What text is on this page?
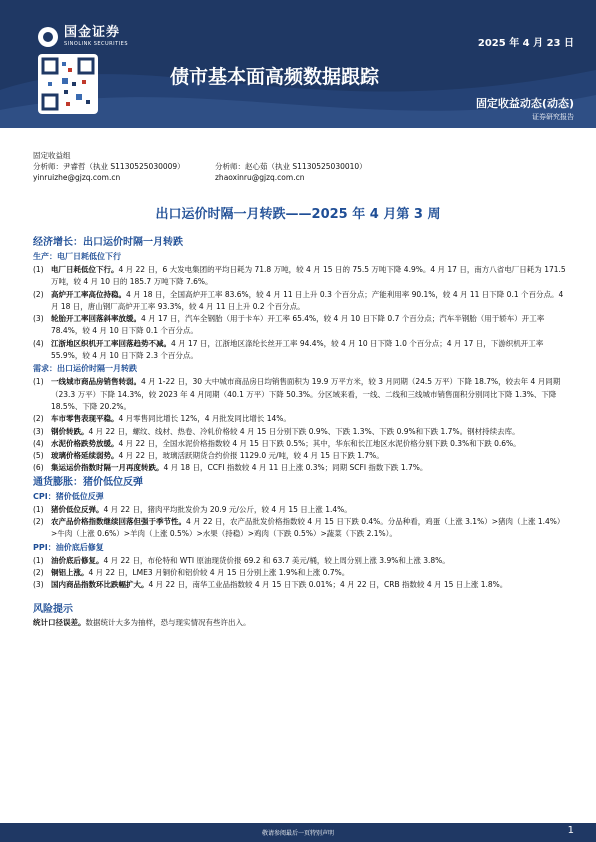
国金证券
SINOLINK SECURITIES	2025 年 4 月 23 日
债市基本面高频数据跟踪
固定收益动态(动态)
证券研究报告
固定收益组
分析师：尹睿哲（执业 S1130525030009）	分析师：赵心茹（执业 S1130525030010）
yinruizhe@gjzq.com.cn	zhaoxinru@gjzq.com.cn
出口运价时隔一月转跌——2025 年 4 月第 3 周
经济增长：出口运价时隔一月转跌
生产：电厂日耗低位下行
(1) 电厂日耗低位下行。4 月 22 日，6 大发电集团的平均日耗为 71.8 万吨，较 4 月 15 日的 75.5 万吨下降 4.9%。4 月 17 日，南方八省电厂日耗为 171.5 万吨，较 4 月 10 日的 185.7 万吨下降 7.6%。
(2) 高炉开工率高位持稳。4 月 18 日，全国高炉开工率 83.6%，较 4 月 11 日上升 0.3 个百分点；产能利用率 90.1%，较 4 月 11 日下降 0.1 个百分点。4 月 18 日，唐山钢厂高炉开工率 93.3%，较 4 月 11 日上升 0.2 个百分点。
(3) 轮胎开工率回落斜率放缓。4 月 17 日，汽车全钢胎（用于卡车）开工率 65.4%，较 4 月 10 日下降 0.7 个百分点；汽车半钢胎（用于轿车）开工率 78.4%，较 4 月 10 日下降 0.1 个百分点。
(4) 江浙地区织机开工率回落趋势不减。4 月 17 日，江浙地区涤纶长丝开工率 94.4%，较 4 月 10 日下降 1.0 个百分点；4 月 17 日，下游织机开工率 55.9%，较 4 月 10 日下降 2.3 个百分点。
需求：出口运价时隔一月转跌
(1) 一线城市商品房销售转弱。4 月 1-22 日，30 大中城市商品房日均销售面积为 19.9 万平方米，较 3 月同期（24.5 万平）下降 18.7%，较去年 4 月同期（23.3 万平）下降 14.3%，较 2023 年 4 月同期（40.1 万平）下降 50.3%。分区域来看，一线、二线和三线城市销售面积分别同比下降 1.3%、下降 18.5%、下降 20.2%。
(2) 车市零售表现平稳。4 月零售同比增长 12%，4 月批发同比增长 14%。
(3) 钢价转跌。4 月 22 日，螺纹、线材、热卷、冷轧价格较 4 月 15 日分别下跌 0.9%、下跌 1.3%、下跌 0.9%和下跌 1.7%。钢材持续去库。
(4) 水泥价格跌势放缓。4 月 22 日，全国水泥价格指数较 4 月 15 日下跌 0.5%；其中，华东和长江地区水泥价格分别下跌 0.3%和下跌 0.6%。
(5) 玻璃价格延续弱势。4 月 22 日，玻璃活跃期货合约价报 1129.0 元/吨，较 4 月 15 日下跌 1.7%。
(6) 集运运价指数时隔一月再度转跌。4 月 18 日，CCFI 指数较 4 月 11 日上涨 0.3%；同期 SCFI 指数下跌 1.7%。
通货膨胀：猪价低位反弹
CPI：猪价低位反弹
(1) 猪价低位反弹。4 月 22 日，猪肉平均批发价为 20.9 元/公斤，较 4 月 15 日上涨 1.4%。
(2) 农产品价格指数继续回落但强于季节性。4 月 22 日，农产品批发价格指数较 4 月 15 日下跌 0.4%。分品种看，鸡蛋（上涨 3.1%）>猪肉（上涨 1.4%）>牛肉（上涨 0.6%）>羊肉（上涨 0.5%）>水果（持稳）>鸡肉（下跌 0.5%）>蔬菜（下跌 2.1%）。
PPI：油价底后修复
(1) 油价底后修复。4 月 22 日，布伦特和 WTI 原油现货价报 69.2 和 63.7 美元/桶，较上周分别上涨 3.9%和上涨 3.8%。
(2) 铜铝上涨。4 月 22 日，LME3 月铜价和铝价较 4 月 15 日分别上涨 1.9%和上涨 0.7%。
(3) 国内商品指数环比跌幅扩大。4 月 22 日，南华工业品指数较 4 月 15 日下跌 0.01%；4 月 22 日，CRB 指数较 4 月 15 日上涨 1.8%。
风险提示
统计口径误差。数据统计大多为抽样，恐与现实情况有些许出入。
敬请参阅最后一页特别声明	1
